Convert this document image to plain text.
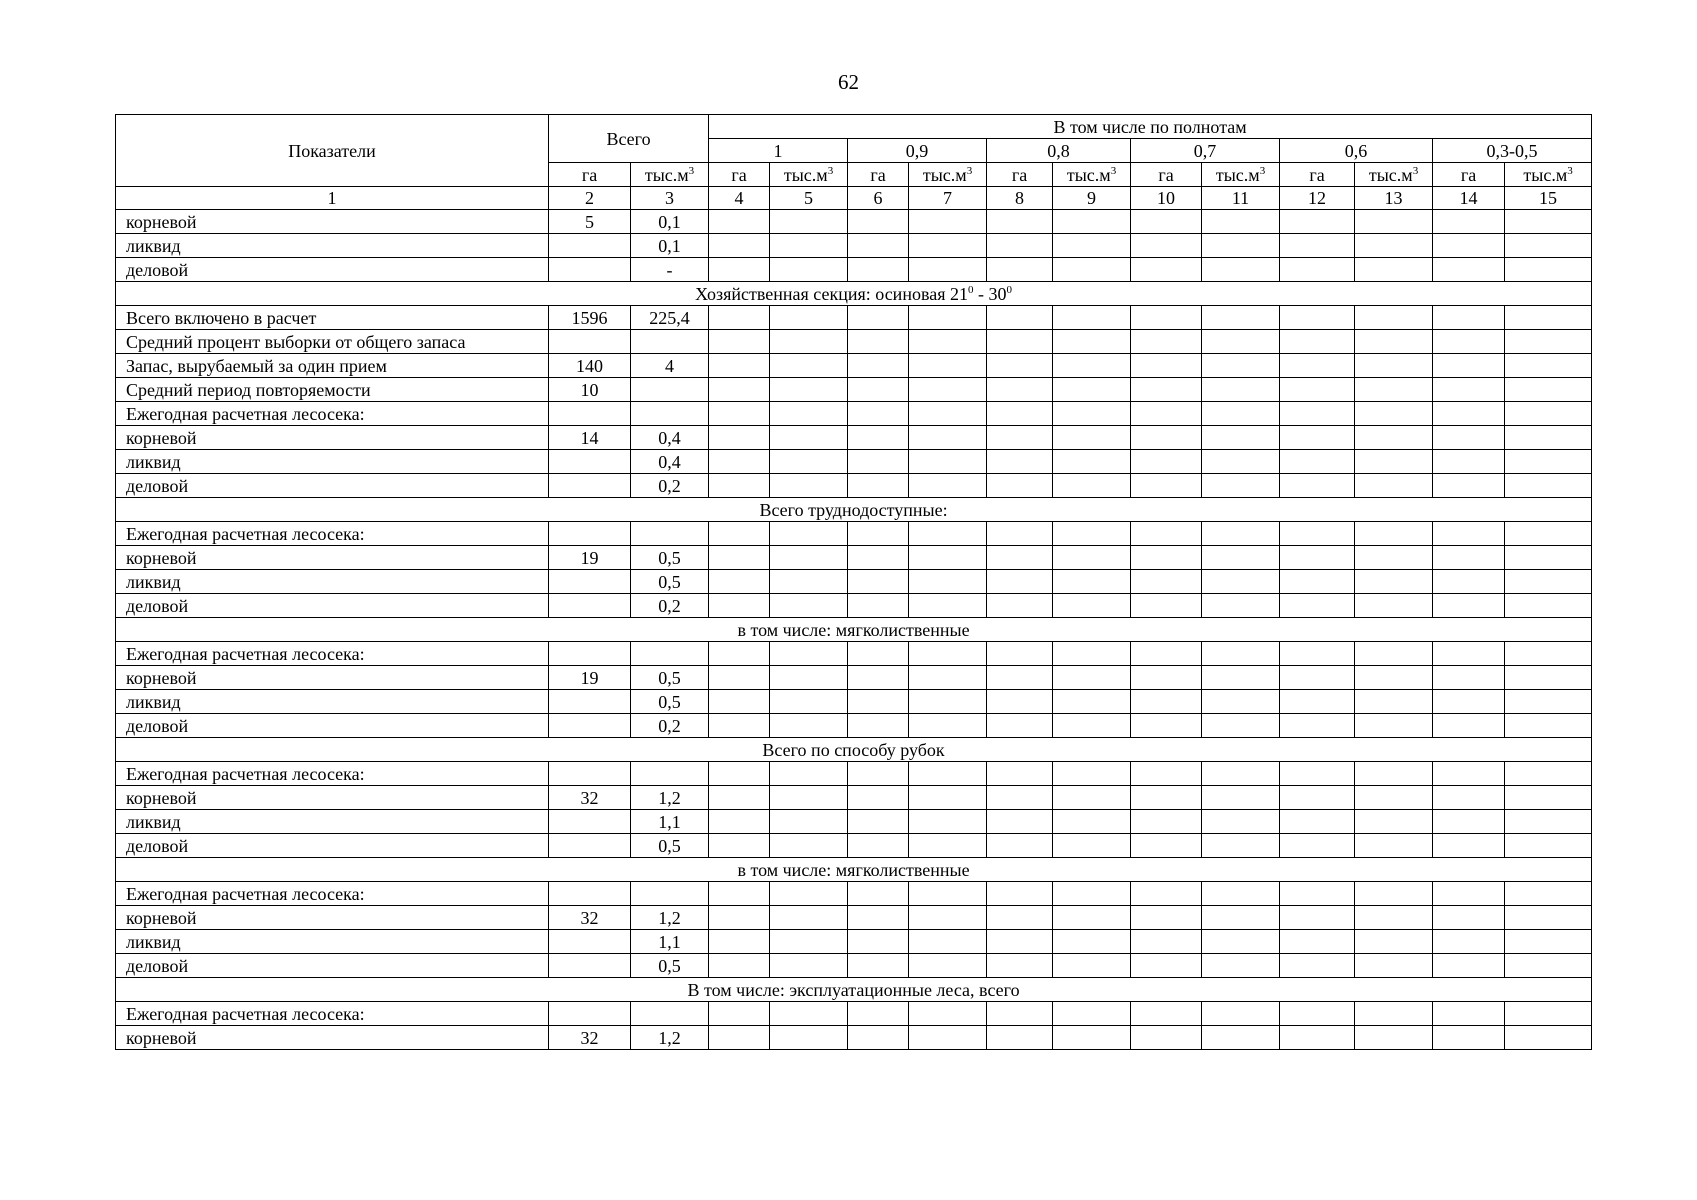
62
Показатели	Всего		В том числе по полнотам											
			1		0,9		0,8		0,7		0,6		0,3-0,5	
	га	$тыс.м^3$	га	$тыс.м^3$	га	$тыс.м^3$	га	$тыс.м^3$	га	$тыс.м^3$	га	$тыс.м^3$	га	$тыс.м^3$
1	2	3	4	5	6	7	8	9	10	11	12	13	14	15
корневой	5	0,1												
ликвид		0,1												
деловой		-												
Хозяйственная секция: осиновая $21^0 - 30^0$
Всего включено в расчет	1596	225,4												
Средний процент выборки от общего запаса														
Запас, вырубаемый за один прием	140	4												
Средний период повторяемости	10													
Ежегодная расчетная лесосека:														
корневой	14	0,4												
ликвид		0,4												
деловой		0,2												
Всего труднодоступные:														
Ежегодная расчетная лесосека:														
корневой	19	0,5												
ликвид		0,5												
деловой		0,2												
в том числе: мягколиственные														
Ежегодная расчетная лесосека:														
корневой	19	0,5												
ликвид		0,5												
деловой		0,2												
Всего по способу рубок														
Ежегодная расчетная лесосека:														
корневой	32	1,2												
ликвид		1,1												
деловой		0,5												
в том числе: мягколиственные														
Ежегодная расчетная лесосека:														
корневой	32	1,2												
ликвид		1,1												
деловой		0,5												
В том числе: эксплуатационные леса, всего														
Ежегодная расчетная лесосека:														
корневой	32	1,2												
